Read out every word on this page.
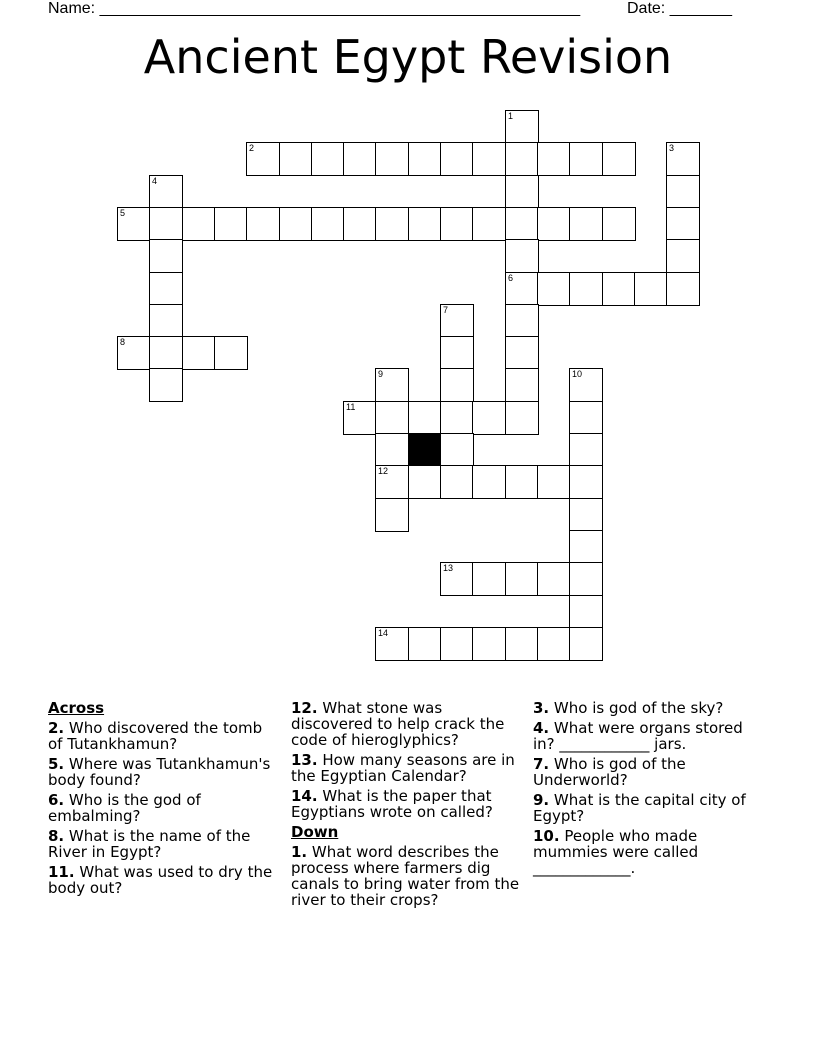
Name: ______________________________________________________	Date: _______
Ancient Egypt Revision
1
2	3
4
5
6
7
8
9	10
11
12
13
14
Across
2. Who discovered the tomb of Tutankhamun?
5. Where was Tutankhamun's body found?
6. Who is the god of embalming?
8. What is the name of the River in Egypt?
11. What was used to dry the body out?
12. What stone was discovered to help crack the code of hieroglyphics?
13. How many seasons are in the Egyptian Calendar?
14. What is the paper that Egyptians wrote on called?
Down
1. What word describes the process where farmers dig canals to bring water from the river to their crops?
3. Who is god of the sky?
4. What were organs stored in? ____________ jars.
7. Who is god of the Underworld?
9. What is the capital city of Egypt?
10. People who made mummies were called _____________.
